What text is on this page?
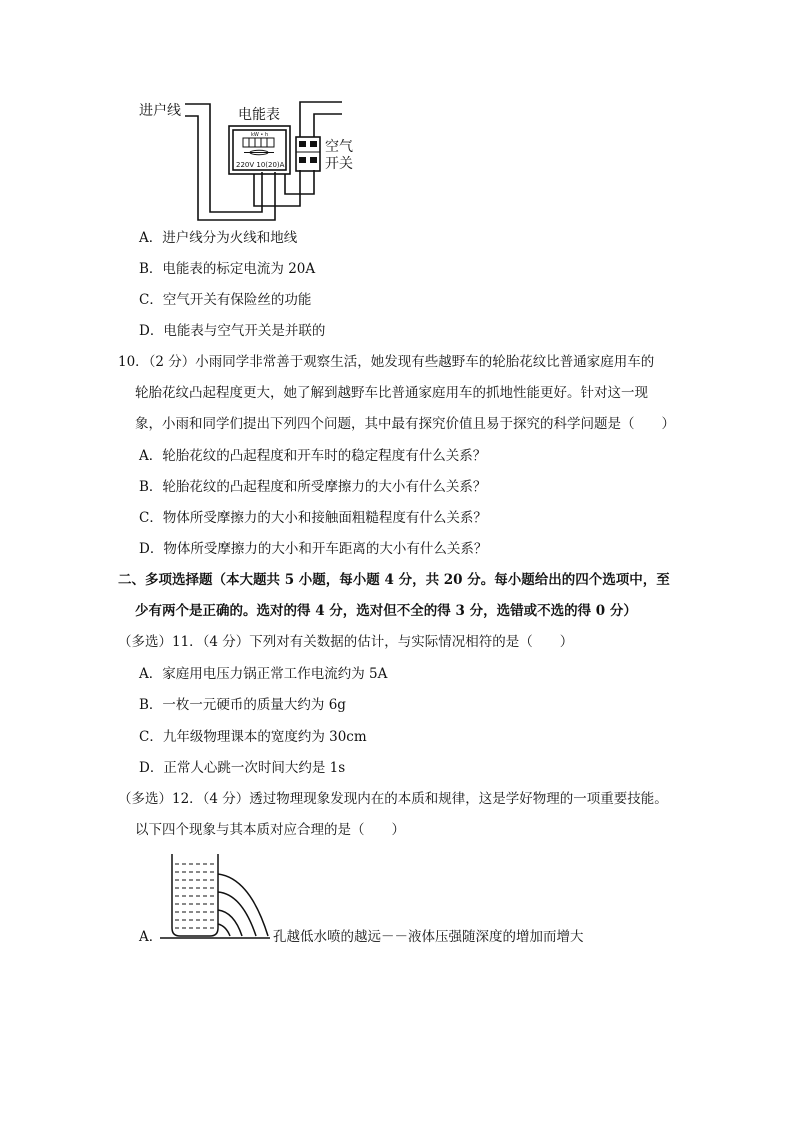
进户线	电能表
kW • h
220V 10(20)A
空气
开关
A．进户线分为火线和地线
B．电能表的标定电流为 20A
C．空气开关有保险丝的功能
D．电能表与空气开关是并联的
10．（2 分）小雨同学非常善于观察生活，她发现有些越野车的轮胎花纹比普通家庭用车的
轮胎花纹凸起程度更大，她了解到越野车比普通家庭用车的抓地性能更好。针对这一现
象，小雨和同学们提出下列四个问题，其中最有探究价值且易于探究的科学问题是（　　）
A．轮胎花纹的凸起程度和开车时的稳定程度有什么关系？
B．轮胎花纹的凸起程度和所受摩擦力的大小有什么关系？
C．物体所受摩擦力的大小和接触面粗糙程度有什么关系？
D．物体所受摩擦力的大小和开车距离的大小有什么关系？
二、多项选择题（本大题共 5 小题，每小题 4 分，共 20 分。每小题给出的四个选项中，至
少有两个是正确的。选对的得 4 分，选对但不全的得 3 分，选错或不选的得 0 分）
（多选）11．（4 分）下列对有关数据的估计，与实际情况相符的是（　　）
A．家庭用电压力锅正常工作电流约为 5A
B．一枚一元硬币的质量大约为 6g
C．九年级物理课本的宽度约为 30cm
D．正常人心跳一次时间大约是 1s
（多选）12．（4 分）透过物理现象发现内在的本质和规律，这是学好物理的一项重要技能。
以下四个现象与其本质对应合理的是（　　）
A．	孔越低水喷的越远－－液体压强随深度的增加而增大
